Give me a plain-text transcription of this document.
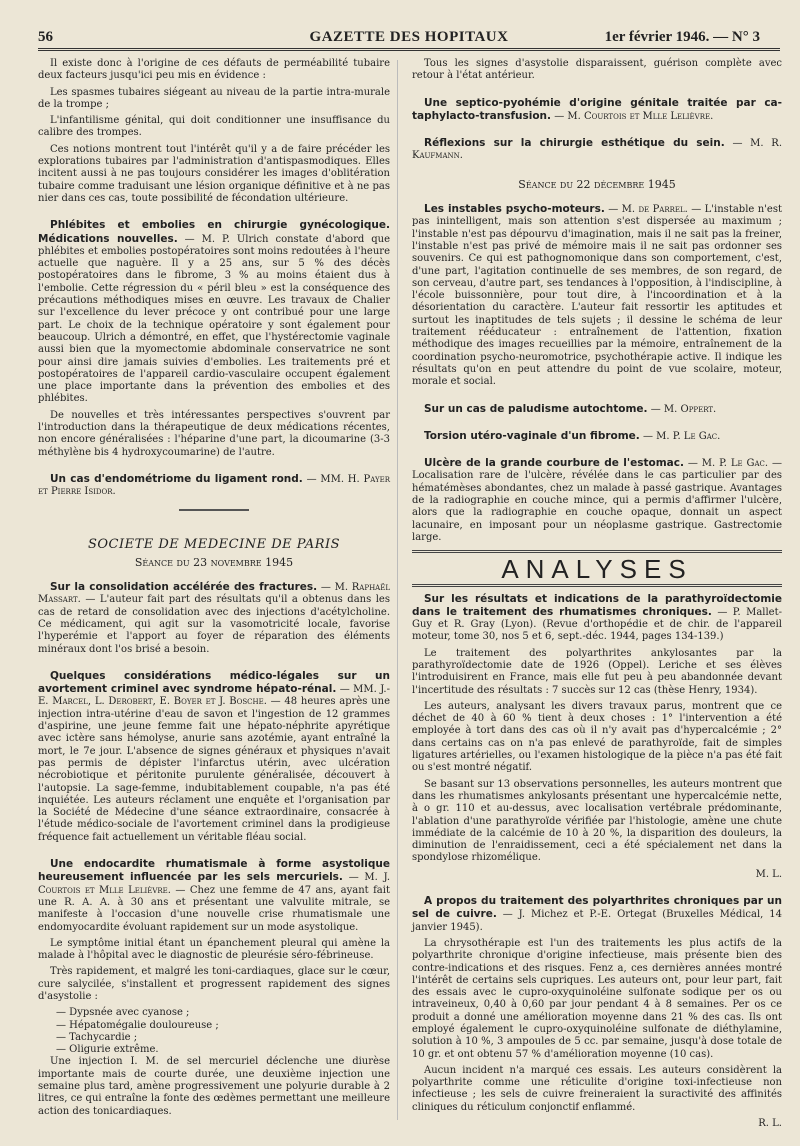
56	GAZETTE DES HOPITAUX	1er février 1946. — N° 3

Il existe donc à l'origine de ces défauts de perméabilité tubaire deux facteurs jusqu'ici peu mis en évidence :

Les spasmes tubaires siégeant au niveau de la partie intra-murale de la trompe ;

L'infantilisme génital, qui doit conditionner une insuffisance du calibre des trompes.

Ces notions montrent tout l'intérêt qu'il y a de faire précéder les explorations tubaires par l'administration d'antispasmodiques. Elles incitent aussi à ne pas toujours considérer les images d'oblitération tubaire comme traduisant une lésion organique définitive et à ne pas nier dans ces cas, toute possibilité de fécondation ultérieure.

Phlébites et embolies en chirurgie gynécologique. Médications nouvelles. — M. P. Ulrich constate d'abord que phlébites et embolies postopératoires sont moins redoutées à l'heure actuelle que naguère. Il y a 25 ans, sur 5 % des décès postopératoires dans le fibrome, 3 % au moins étaient dus à l'embolie. Cette régression du « péril bleu » est la conséquence des précautions méthodiques mises en œuvre. Les travaux de Chalier sur l'excellence du lever précoce y ont contribué pour une large part. Le choix de la technique opératoire y sont également pour beaucoup. Ulrich a démontré, en effet, que l'hystérectomie vaginale aussi bien que la myomectomie abdominale conservatrice ne sont pour ainsi dire jamais suivies d'embolies. Les traitements pré et postopératoires de l'appareil cardio-vasculaire occupent également une place importante dans la prévention des embolies et des phlébites.

De nouvelles et très intéressantes perspectives s'ouvrent par l'introduction dans la thérapeutique de deux médications récentes, non encore généralisées : l'héparine d'une part, la dicoumarine (3-3 méthylène bis 4 hydroxycoumarine) de l'autre.

Un cas d'endométriome du ligament rond. — MM. H. Payer et Pierre Isidor.

SOCIETE DE MEDECINE DE PARIS

Séance du 23 novembre 1945

Sur la consolidation accélérée des fractures. — M. Raphaël Massart. — L'auteur fait part des résultats qu'il a obtenus dans les cas de retard de consolidation avec des injections d'acétylcholine. Ce médicament, qui agit sur la vasomotricité locale, favorise l'hyperémie et l'apport au foyer de réparation des éléments minéraux dont l'os brisé a besoin.

Quelques considérations médico-légales sur un avortement criminel avec syndrome hépato-rénal. — MM. J.-E. Marcel, L. Derobert, E. Boyer et J. Bosche. — 48 heures après une injection intra-utérine d'eau de savon et l'ingestion de 12 grammes d'aspirine, une jeune femme fait une hépato-néphrite apyrétique avec ictère sans hémolyse, anurie sans azotémie, ayant entraîné la mort, le 7e jour. L'absence de signes généraux et physiques n'avait pas permis de dépister l'infarctus utérin, avec ulcération nécrobiotique et péritonite purulente généralisée, découvert à l'autopsie. La sage-femme, indubitablement coupable, n'a pas été inquiétée. Les auteurs réclament une enquête et l'organisation par la Société de Médecine d'une séance extraordinaire, consacrée à l'étude médico-sociale de l'avortement criminel dans la prodigieuse fréquence fait actuellement un véritable fléau social.

Une endocardite rhumatismale à forme asystolique heureusement influencée par les sels mercuriels. — M. J. Courtois et Mlle Lelièvre. — Chez une femme de 47 ans, ayant fait une R. A. A. à 30 ans et présentant une valvulite mitrale, se manifeste à l'occasion d'une nouvelle crise rhumatismale une endomyocardite évoluant rapidement sur un mode asystolique.

Le symptôme initial étant un épanchement pleural qui amène la malade à l'hôpital avec le diagnostic de pleurésie séro-fébrineuse.

Très rapidement, et malgré les toni-cardiaques, glace sur le cœur, cure salycilée, s'installent et progressent rapidement des signes d'asystolie :

— Dypsnée avec cyanose ;
— Hépatomégalie douloureuse ;
— Tachycardie ;
— Oligurie extrême.

Une injection I. M. de sel mercuriel déclenche une diurèse importante mais de courte durée, une deuxième injection une semaine plus tard, amène progressivement une polyurie durable à 2 litres, ce qui entraîne la fonte des œdèmes permettant une meilleure action des tonicardiaques.

Tous les signes d'asystolie disparaissent, guérison complète avec retour à l'état antérieur.

Une septico-pyohémie d'origine génitale traitée par ca-taphylacto-transfusion. — M. Courtois et Mlle Lelièvre.

Réflexions sur la chirurgie esthétique du sein. — M. R. Kaufmann.

Séance du 22 décembre 1945

Les instables psycho-moteurs. — M. de Parrel. — L'instable n'est pas inintelligent, mais son attention s'est dispersée au maximum ; l'instable n'est pas dépourvu d'imagination, mais il ne sait pas la freiner, l'instable n'est pas privé de mémoire mais il ne sait pas ordonner ses souvenirs. Ce qui est pathognomonique dans son comportement, c'est, d'une part, l'agitation continuelle de ses membres, de son regard, de son cerveau, d'autre part, ses tendances à l'opposition, à l'indiscipline, à l'école buissonnière, pour tout dire, à l'incoordination et à la désorientation du caractère. L'auteur fait ressortir les aptitudes et surtout les inaptitudes de tels sujets ; il dessine le schéma de leur traitement rééducateur : entraînement de l'attention, fixation méthodique des images recueillies par la mémoire, entraînement de la coordination psycho-neuromotrice, psychothérapie active. Il indique les résultats qu'on en peut attendre du point de vue scolaire, moteur, morale et social.

Sur un cas de paludisme autochtome. — M. Oppert.

Torsion utéro-vaginale d'un fibrome. — M. P. Le Gac.

Ulcère de la grande courbure de l'estomac. — M. P. Le Gac. — Localisation rare de l'ulcère, révélée dans le cas particulier par des hématémèses abondantes, chez un malade à passé gastrique. Avantages de la radiographie en couche mince, qui a permis d'affirmer l'ulcère, alors que la radiographie en couche opaque, donnait un aspect lacunaire, en imposant pour un néoplasme gastrique. Gastrectomie large.

ANALYSES

Sur les résultats et indications de la parathyroïdectomie dans le traitement des rhumatismes chroniques. — P. Mallet-Guy et R. Gray (Lyon). (Revue d'orthopédie et de chir. de l'appareil moteur, tome 30, nos 5 et 6, sept.-déc. 1944, pages 134-139.)

Le traitement des polyarthrites ankylosantes par la parathyroïdectomie date de 1926 (Oppel). Leriche et ses élèves l'introduisirent en France, mais elle fut peu à peu abandonnée devant l'incertitude des résultats : 7 succès sur 12 cas (thèse Henry, 1934).

Les auteurs, analysant les divers travaux parus, montrent que ce déchet de 40 à 60 % tient à deux choses : 1° l'intervention a été employée à tort dans des cas où il n'y avait pas d'hypercalcémie ; 2° dans certains cas on n'a pas enlevé de parathyroïde, fait de simples ligatures artérielles, ou l'examen histologique de la pièce n'a pas été fait ou s'est montré négatif.

Se basant sur 13 observations personnelles, les auteurs montrent que dans les rhumatismes ankylosants présentant une hypercalcémie nette, à o gr. 110 et au-dessus, avec localisation vertébrale prédominante, l'ablation d'une parathyroïde vérifiée par l'histologie, amène une chute immédiate de la calcémie de 10 à 20 %, la disparition des douleurs, la diminution de l'enraidissement, ceci a été spécialement net dans la spondylose rhizomélique.

M. L.

A propos du traitement des polyarthrites chroniques par un sel de cuivre. — J. Michez et P.-E. Ortegat (Bruxelles Médical, 14 janvier 1945).

La chrysothérapie est l'un des traitements les plus actifs de la polyarthrite chronique d'origine infectieuse, mais présente bien des contre-indications et des risques. Fenz a, ces dernières années montré l'intérêt de certains sels cupriques. Les auteurs ont, pour leur part, fait des essais avec le cupro-oxyquinoléine sulfonate sodique per os ou intraveineux, 0,40 à 0,60 par jour pendant 4 à 8 semaines. Per os ce produit a donné une amélioration moyenne dans 21 % des cas. Ils ont employé également le cupro-oxyquinoléine sulfonate de diéthylamine, solution à 10 %, 3 ampoules de 5 cc. par semaine, jusqu'à dose totale de 10 gr. et ont obtenu 57 % d'amélioration moyenne (10 cas).

Aucun incident n'a marqué ces essais. Les auteurs considèrent la polyarthrite comme une réticulite d'origine toxi-infectieuse non infectieuse ; les sels de cuivre freineraient la suractivité des affinités cliniques du réticulum conjonctif enflammé.

R. L.
